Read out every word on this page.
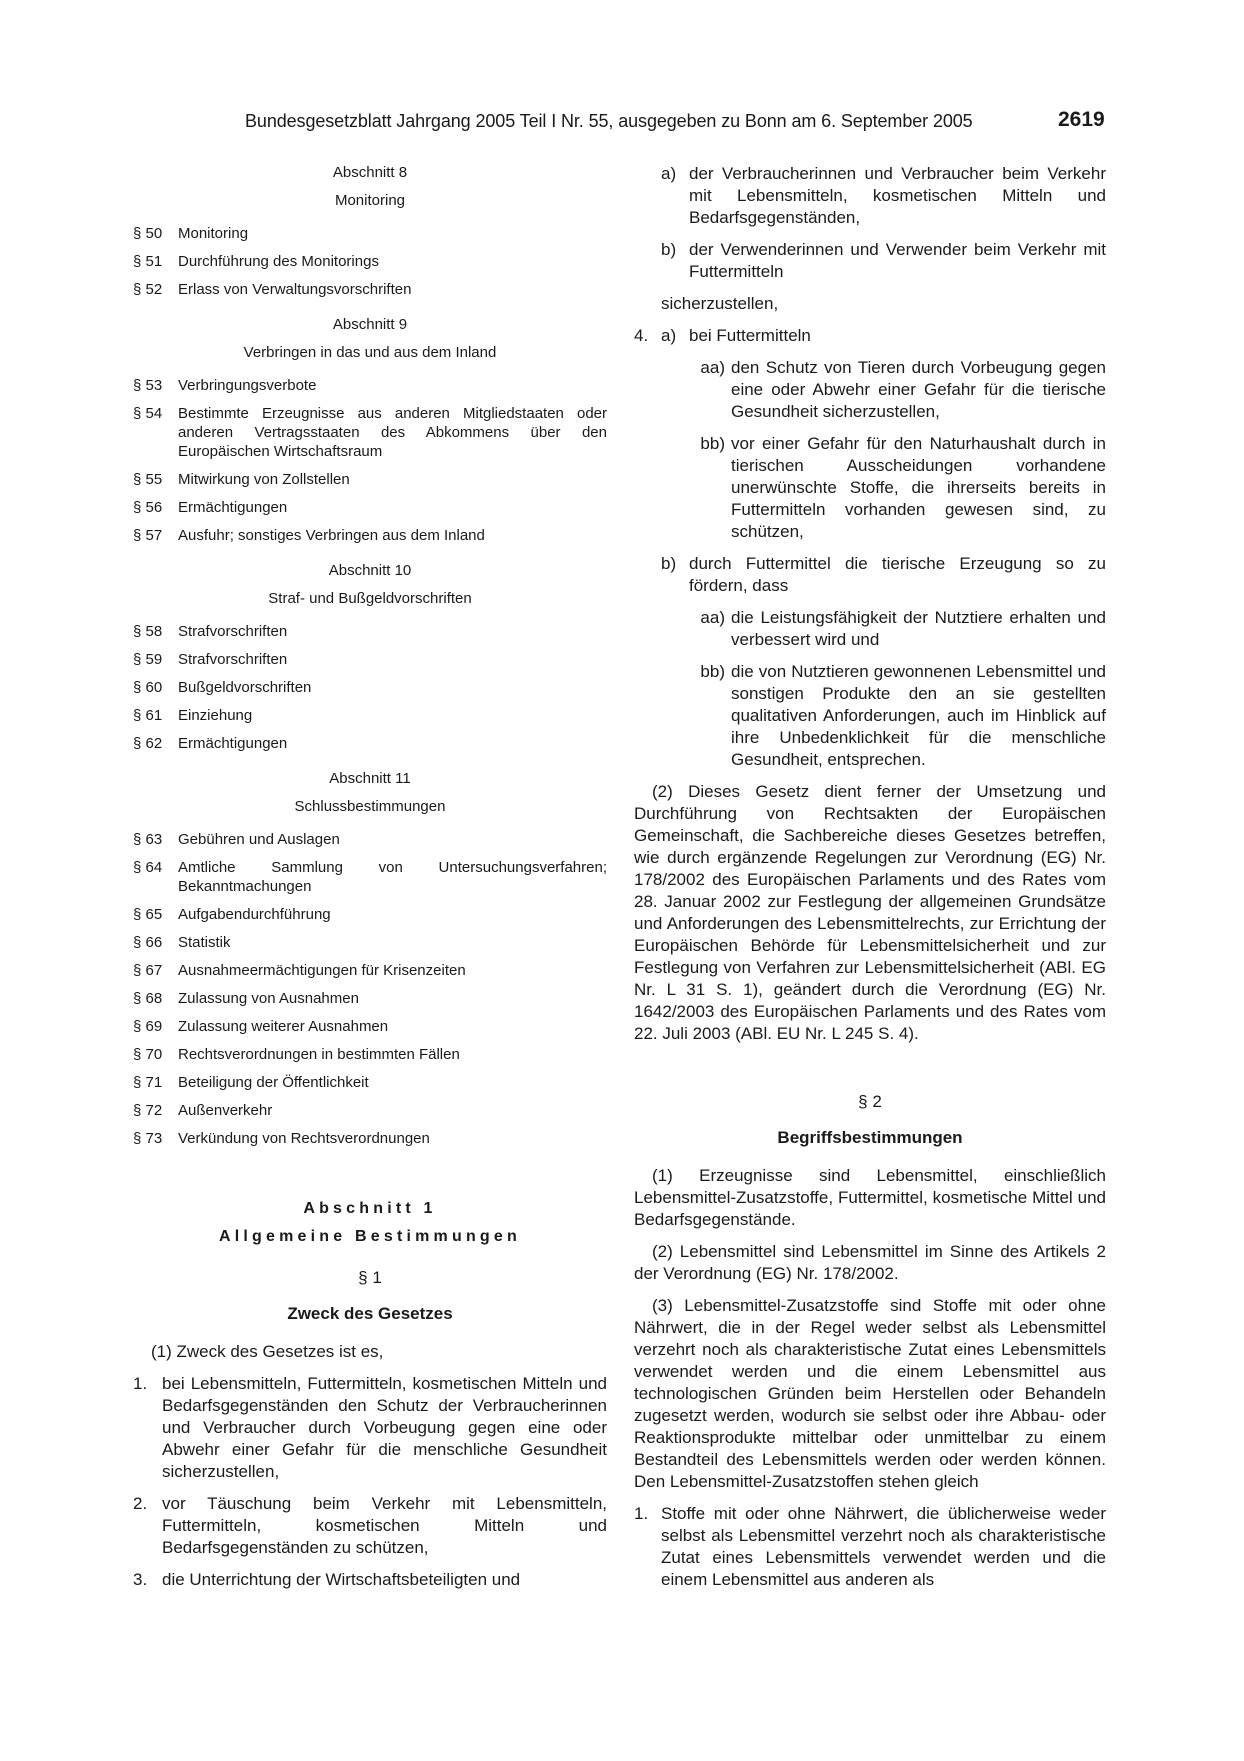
Bundesgesetzblatt Jahrgang 2005 Teil I Nr. 55, ausgegeben zu Bonn am 6. September 2005	2619
Abschnitt 8
Monitoring
§ 50	Monitoring
§ 51	Durchführung des Monitorings
§ 52	Erlass von Verwaltungsvorschriften
Abschnitt 9
Verbringen in das und aus dem Inland
§ 53	Verbringungsverbote
§ 54	Bestimmte Erzeugnisse aus anderen Mitgliedstaaten oder anderen Vertragsstaaten des Abkommens über den Europäischen Wirtschaftsraum
§ 55	Mitwirkung von Zollstellen
§ 56	Ermächtigungen
§ 57	Ausfuhr; sonstiges Verbringen aus dem Inland
Abschnitt 10
Straf- und Bußgeldvorschriften
§ 58	Strafvorschriften
§ 59	Strafvorschriften
§ 60	Bußgeldvorschriften
§ 61	Einziehung
§ 62	Ermächtigungen
Abschnitt 11
Schlussbestimmungen
§ 63	Gebühren und Auslagen
§ 64	Amtliche Sammlung von Untersuchungsverfahren; Bekanntmachungen
§ 65	Aufgabendurchführung
§ 66	Statistik
§ 67	Ausnahmeermächtigungen für Krisenzeiten
§ 68	Zulassung von Ausnahmen
§ 69	Zulassung weiterer Ausnahmen
§ 70	Rechtsverordnungen in bestimmten Fällen
§ 71	Beteiligung der Öffentlichkeit
§ 72	Außenverkehr
§ 73	Verkündung von Rechtsverordnungen
Abschnitt 1
Allgemeine Bestimmungen
§ 1
Zweck des Gesetzes

(1) Zweck des Gesetzes ist es,

1. bei Lebensmitteln, Futtermitteln, kosmetischen Mitteln und Bedarfsgegenständen den Schutz der Verbraucherinnen und Verbraucher durch Vorbeugung gegen eine oder Abwehr einer Gefahr für die menschliche Gesundheit sicherzustellen,
2. vor Täuschung beim Verkehr mit Lebensmitteln, Futtermitteln, kosmetischen Mitteln und Bedarfsgegenständen zu schützen,
3. die Unterrichtung der Wirtschaftsbeteiligten und
a) der Verbraucherinnen und Verbraucher beim Verkehr mit Lebensmitteln, kosmetischen Mitteln und Bedarfsgegenständen,
b) der Verwenderinnen und Verwender beim Verkehr mit Futtermitteln

sicherzustellen,

4. a) bei Futtermitteln
aa) den Schutz von Tieren durch Vorbeugung gegen eine oder Abwehr einer Gefahr für die tierische Gesundheit sicherzustellen,
bb) vor einer Gefahr für den Naturhaushalt durch in tierischen Ausscheidungen vorhandene unerwünschte Stoffe, die ihrerseits bereits in Futtermitteln vorhanden gewesen sind, zu schützen,
b) durch Futtermittel die tierische Erzeugung so zu fördern, dass
aa) die Leistungsfähigkeit der Nutztiere erhalten und verbessert wird und
bb) die von Nutztieren gewonnenen Lebensmittel und sonstigen Produkte den an sie gestellten qualitativen Anforderungen, auch im Hinblick auf ihre Unbedenklichkeit für die menschliche Gesundheit, entsprechen.

(2) Dieses Gesetz dient ferner der Umsetzung und Durchführung von Rechtsakten der Europäischen Gemeinschaft, die Sachbereiche dieses Gesetzes betreffen, wie durch ergänzende Regelungen zur Verordnung (EG) Nr. 178/2002 des Europäischen Parlaments und des Rates vom 28. Januar 2002 zur Festlegung der allgemeinen Grundsätze und Anforderungen des Lebensmittelrechts, zur Errichtung der Europäischen Behörde für Lebensmittelsicherheit und zur Festlegung von Verfahren zur Lebensmittelsicherheit (ABl. EG Nr. L 31 S. 1), geändert durch die Verordnung (EG) Nr. 1642/2003 des Europäischen Parlaments und des Rates vom 22. Juli 2003 (ABl. EU Nr. L 245 S. 4).

§ 2
Begriffsbestimmungen

(1) Erzeugnisse sind Lebensmittel, einschließlich Lebensmittel-Zusatzstoffe, Futtermittel, kosmetische Mittel und Bedarfsgegenstände.

(2) Lebensmittel sind Lebensmittel im Sinne des Artikels 2 der Verordnung (EG) Nr. 178/2002.

(3) Lebensmittel-Zusatzstoffe sind Stoffe mit oder ohne Nährwert, die in der Regel weder selbst als Lebensmittel verzehrt noch als charakteristische Zutat eines Lebensmittels verwendet werden und die einem Lebensmittel aus technologischen Gründen beim Herstellen oder Behandeln zugesetzt werden, wodurch sie selbst oder ihre Abbau- oder Reaktionsprodukte mittelbar oder unmittelbar zu einem Bestandteil des Lebensmittels werden oder werden können. Den Lebensmittel-Zusatzstoffen stehen gleich

1. Stoffe mit oder ohne Nährwert, die üblicherweise weder selbst als Lebensmittel verzehrt noch als charakteristische Zutat eines Lebensmittels verwendet werden und die einem Lebensmittel aus anderen als
